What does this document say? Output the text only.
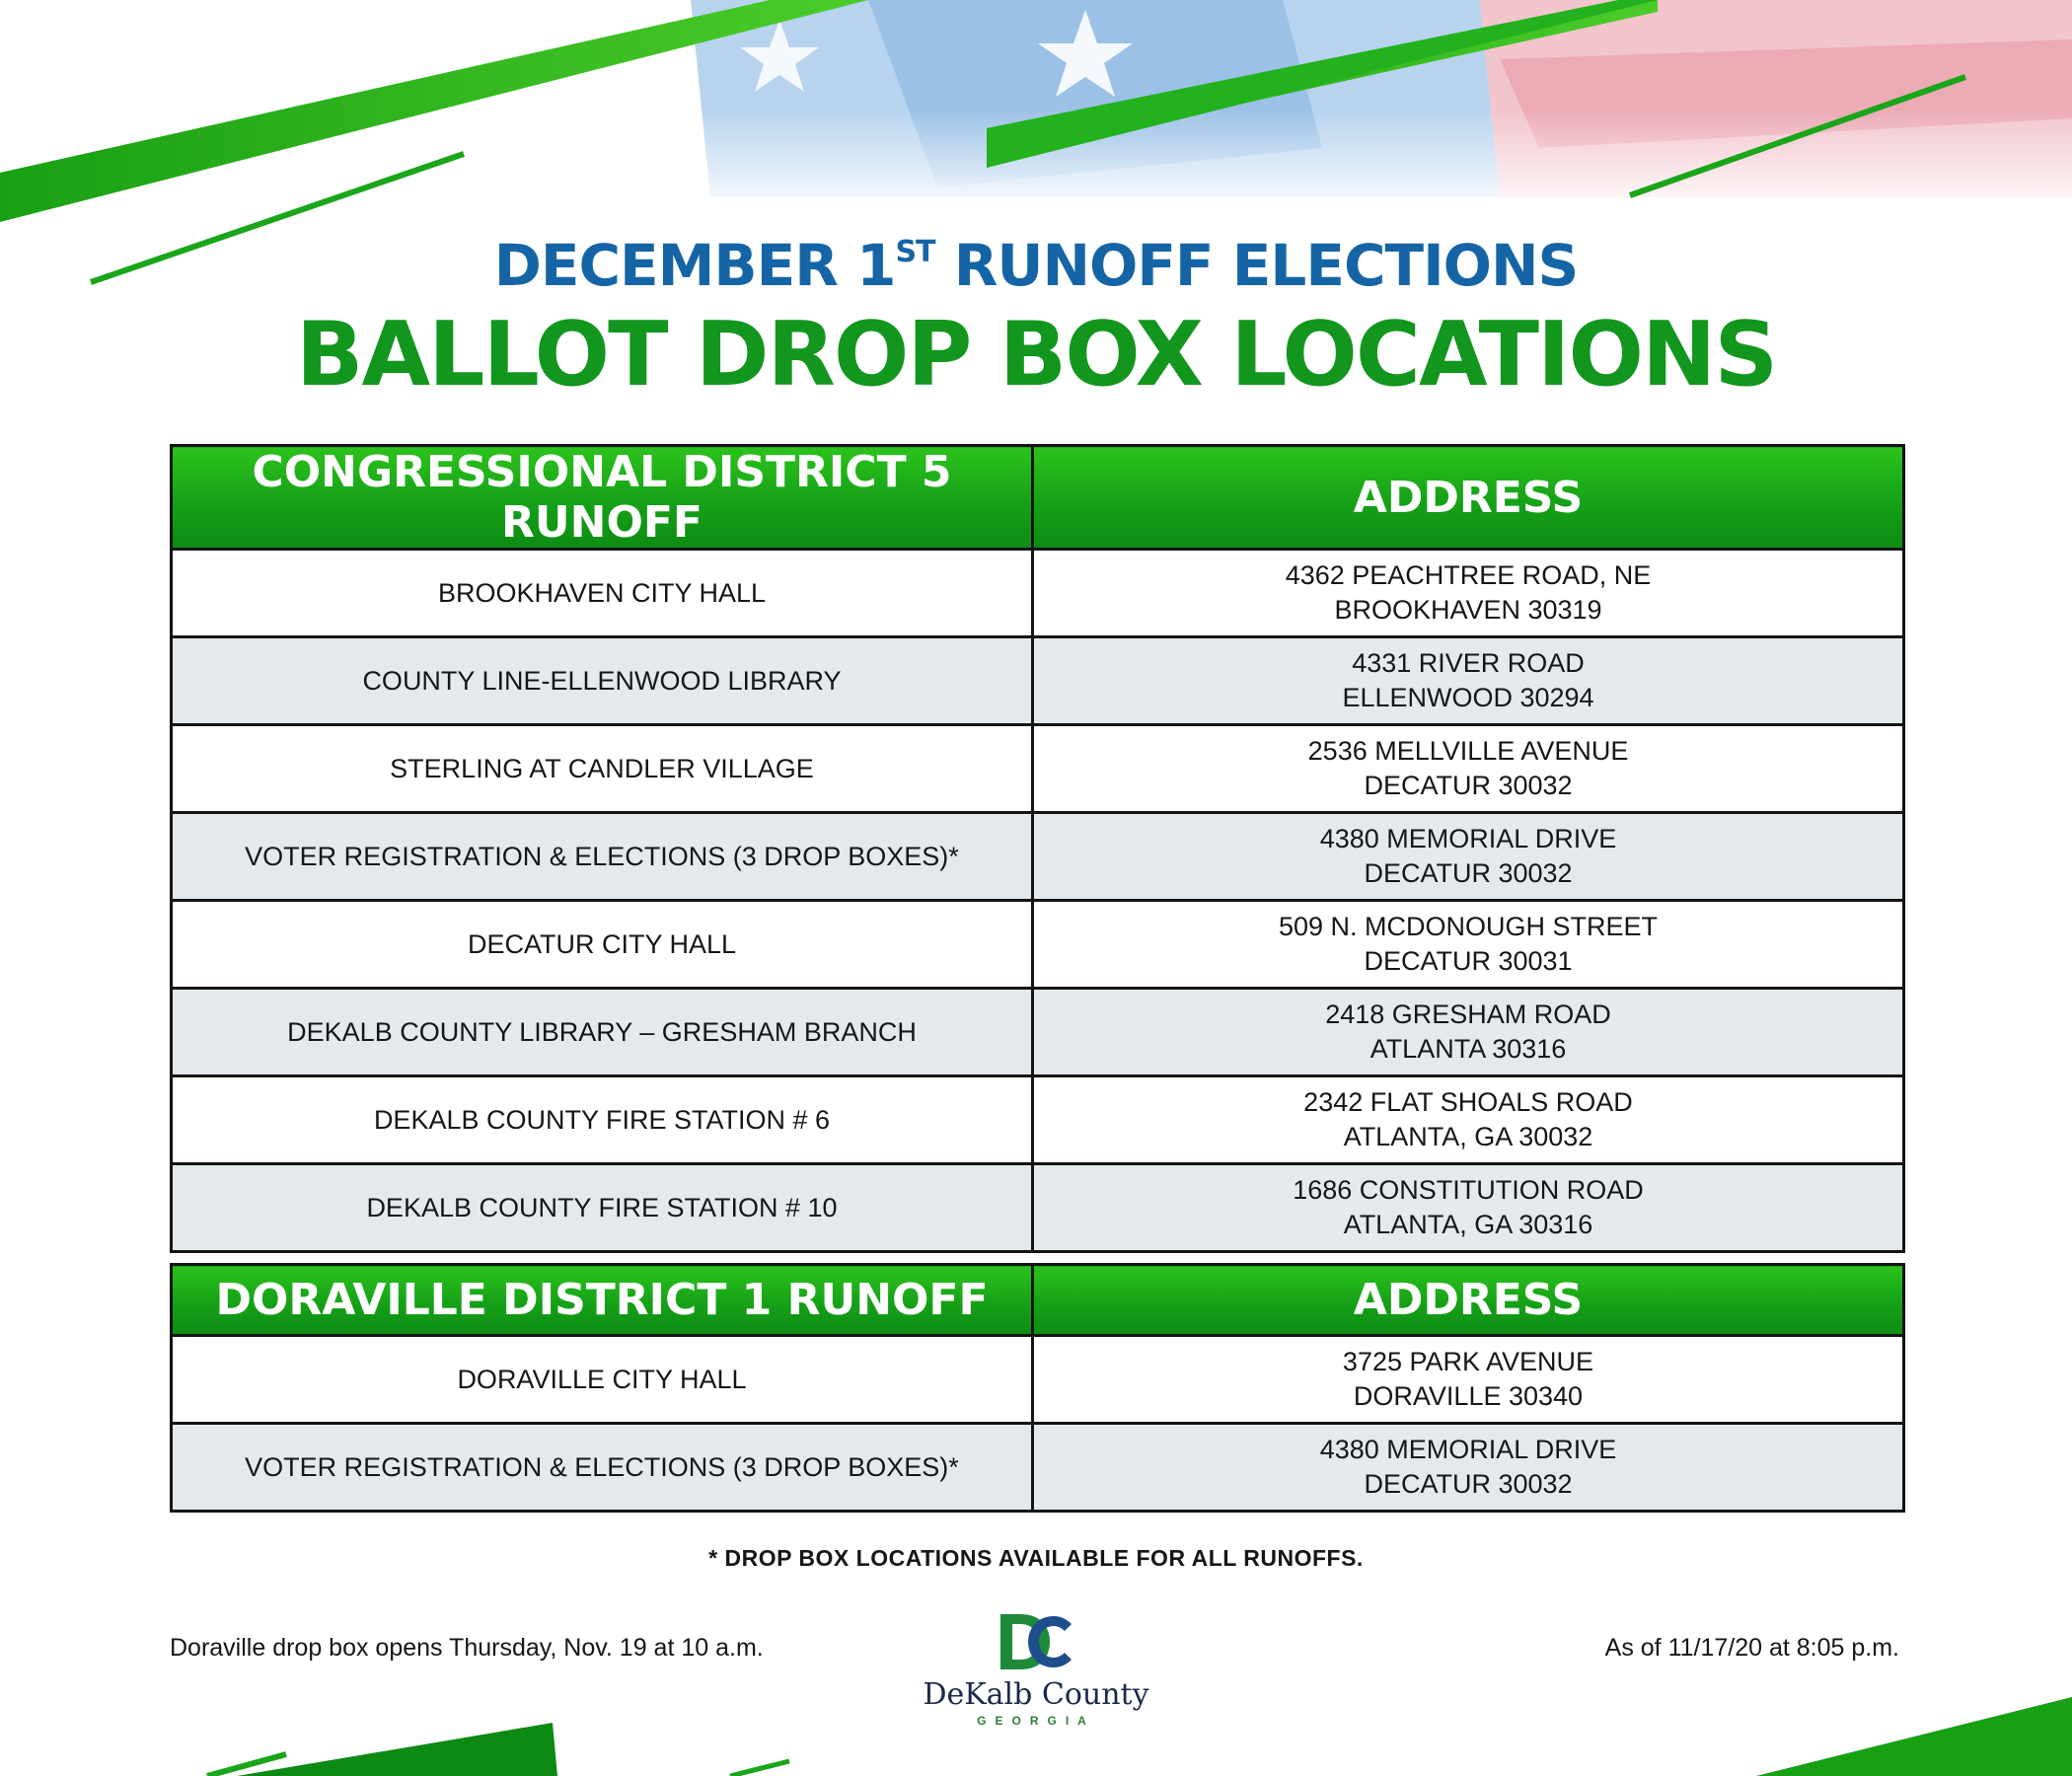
DECEMBER 1ST RUNOFF ELECTIONS
BALLOT DROP BOX LOCATIONS
CONGRESSIONAL DISTRICT 5 RUNOFF	ADDRESS
BROOKHAVEN CITY HALL	4362 PEACHTREE ROAD, NE
BROOKHAVEN 30319

COUNTY LINE-ELLENWOOD LIBRARY	4331 RIVER ROAD
ELLENWOOD 30294

STERLING AT CANDLER VILLAGE	2536 MELLVILLE AVENUE
DECATUR 30032

VOTER REGISTRATION & ELECTIONS (3 DROP BOXES)*	4380 MEMORIAL DRIVE
DECATUR 30032

DECATUR CITY HALL	509 N. MCDONOUGH STREET
DECATUR 30031

DEKALB COUNTY LIBRARY – GRESHAM BRANCH	2418 GRESHAM ROAD
ATLANTA 30316

DEKALB COUNTY FIRE STATION # 6	2342 FLAT SHOALS ROAD
ATLANTA, GA 30032

DEKALB COUNTY FIRE STATION # 10	1686 CONSTITUTION ROAD
ATLANTA, GA 30316
DORAVILLE DISTRICT 1 RUNOFF	ADDRESS
DORAVILLE CITY HALL	3725 PARK AVENUE
DORAVILLE 30340

VOTER REGISTRATION & ELECTIONS (3 DROP BOXES)*	4380 MEMORIAL DRIVE
DECATUR 30032
* DROP BOX LOCATIONS AVAILABLE FOR ALL RUNOFFS.
Doraville drop box opens Thursday, Nov. 19 at 10 a.m.
DeKalb County
GEORGIA
As of 11/17/20 at 8:05 p.m.
